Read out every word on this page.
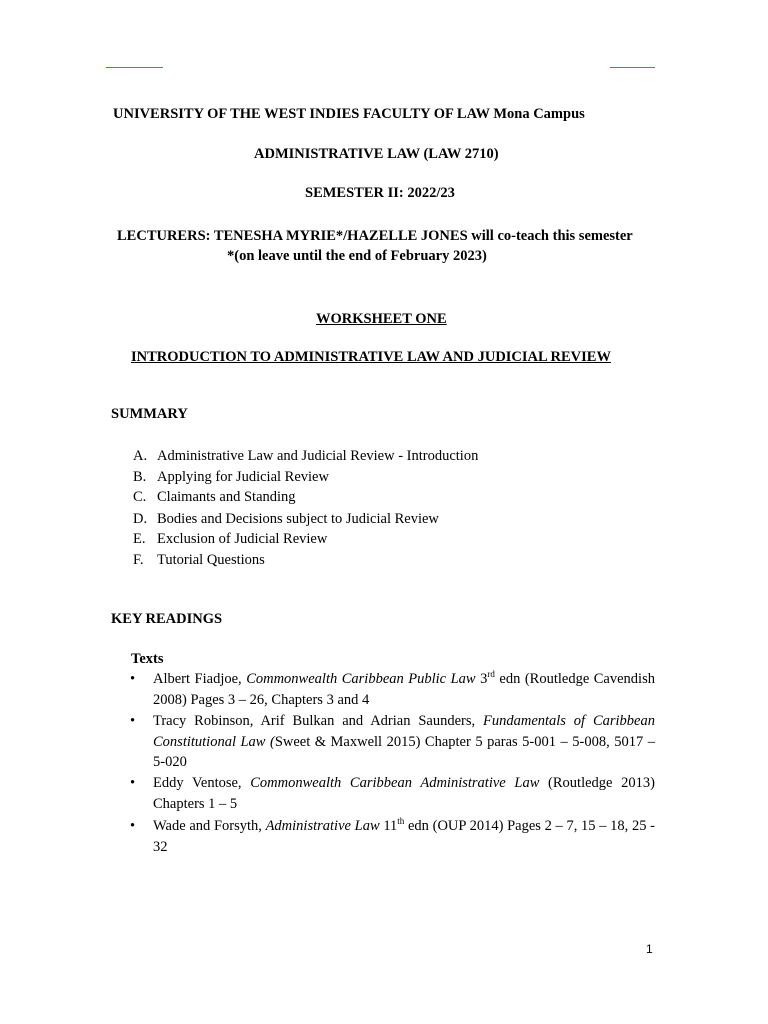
UNIVERSITY OF THE WEST INDIES FACULTY OF LAW Mona Campus
ADMINISTRATIVE LAW (LAW 2710)
SEMESTER II: 2022/23
LECTURERS: TENESHA MYRIE*/HAZELLE JONES will co-teach this semester
*(on leave until the end of February 2023)
WORKSHEET ONE
INTRODUCTION TO ADMINISTRATIVE LAW AND JUDICIAL REVIEW
SUMMARY
A. Administrative Law and Judicial Review - Introduction
B. Applying for Judicial Review
C. Claimants and Standing
D. Bodies and Decisions subject to Judicial Review
E. Exclusion of Judicial Review
F. Tutorial Questions
KEY READINGS
Texts
• Albert Fiadjoe, Commonwealth Caribbean Public Law 3rd edn (Routledge Cavendish 2008) Pages 3 – 26, Chapters 3 and 4
• Tracy Robinson, Arif Bulkan and Adrian Saunders, Fundamentals of Caribbean Constitutional Law (Sweet & Maxwell 2015) Chapter 5 paras 5-001 – 5-008, 5017 – 5-020
• Eddy Ventose, Commonwealth Caribbean Administrative Law (Routledge 2013) Chapters 1 – 5
• Wade and Forsyth, Administrative Law 11th edn (OUP 2014) Pages 2 – 7, 15 – 18, 25 - 32
1
